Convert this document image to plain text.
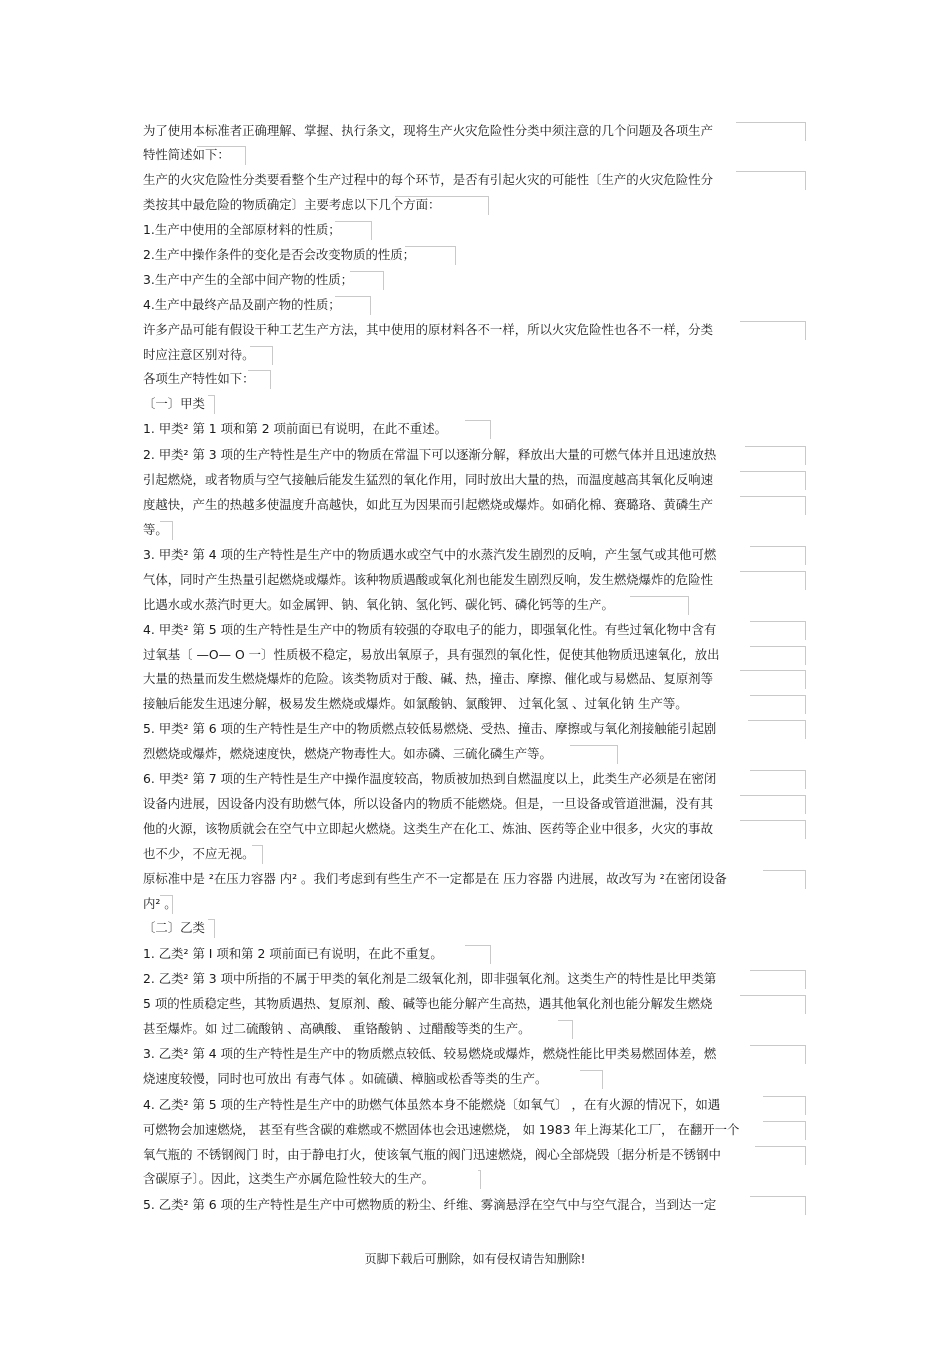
为了使用本标准者正确理解、掌握、执行条文，现将生产火灾危险性分类中须注意的几个问题及各项生产
特性简述如下：
生产的火灾危险性分类要看整个生产过程中的每个环节，是否有引起火灾的可能性〔生产的火灾危险性分
类按其中最危险的物质确定〕主要考虑以下几个方面：
1.生产中使用的全部原材料的性质；
2.生产中操作条件的变化是否会改变物质的性质；
3.生产中产生的全部中间产物的性质；
4.生产中最终产品及副产物的性质；
许多产品可能有假设干种工艺生产方法，其中使用的原材料各不一样，所以火灾危险性也各不一样，分类
时应注意区别对待。
各项生产特性如下：
〔一〕甲类
1. 甲类² 第 1 项和第 2 项前面已有说明，在此不重述。
2. 甲类² 第 3 项的生产特性是生产中的物质在常温下可以逐渐分解，释放出大量的可燃气体并且迅速放热
引起燃烧，或者物质与空气接触后能发生猛烈的氧化作用，同时放出大量的热，而温度越高其氧化反响速
度越快，产生的热越多使温度升高越快，如此互为因果而引起燃烧或爆炸。如硝化棉、赛璐珞、黄磷生产
等。
3. 甲类² 第 4 项的生产特性是生产中的物质遇水或空气中的水蒸汽发生剧烈的反响，产生氢气或其他可燃
气体，同时产生热量引起燃烧或爆炸。该种物质遇酸或氧化剂也能发生剧烈反响，发生燃烧爆炸的危险性
比遇水或水蒸汽时更大。如金属钾、钠、氧化钠、氢化钙、碳化钙、磷化钙等的生产。
4. 甲类² 第 5 项的生产特性是生产中的物质有较强的夺取电子的能力，即强氧化性。有些过氧化物中含有
过氧基〔 —O— O 一〕性质极不稳定，易放出氧原子，具有强烈的氧化性，促使其他物质迅速氧化，放出
大量的热量而发生燃烧爆炸的危险。该类物质对于酸、碱、热，撞击、摩擦、催化或与易燃品、复原剂等
接触后能发生迅速分解，极易发生燃烧或爆炸。如氯酸钠、氯酸钾、 过氧化氢 、过氧化钠 生产等。
5. 甲类² 第 6 项的生产特性是生产中的物质燃点较低易燃烧、受热、撞击、摩擦或与氧化剂接触能引起剧
烈燃烧或爆炸，燃烧速度快，燃烧产物毒性大。如赤磷、三硫化磷生产等。
6. 甲类² 第 7 项的生产特性是生产中操作温度较高，物质被加热到自燃温度以上，此类生产必须是在密闭
设备内进展，因设备内没有助燃气体，所以设备内的物质不能燃烧。但是，一旦设备或管道泄漏，没有其
他的火源，该物质就会在空气中立即起火燃烧。这类生产在化工、炼油、医药等企业中很多，火灾的事故
也不少，不应无视。
原标准中是 ²在压力容器 内² 。我们考虑到有些生产不一定都是在 压力容器 内进展，故改写为 ²在密闭设备
内² 。
〔二〕乙类
1. 乙类² 第 Ⅰ 项和第 2 项前面已有说明，在此不重复。
2. 乙类² 第 3 项中所指的不属于甲类的氧化剂是二级氧化剂，即非强氧化剂。这类生产的特性是比甲类第
5 项的性质稳定些，其物质遇热、复原剂、酸、碱等也能分解产生高热，遇其他氧化剂也能分解发生燃烧
甚至爆炸。如 过二硫酸钠 、高碘酸、 重铬酸钠 、过醋酸等类的生产。
3. 乙类² 第 4 项的生产特性是生产中的物质燃点较低、较易燃烧或爆炸，燃烧性能比甲类易燃固体差，燃
烧速度较慢，同时也可放出 有毒气体 。如硫磺、樟脑或松香等类的生产。
4. 乙类² 第 5 项的生产特性是生产中的助燃气体虽然本身不能燃烧〔如氧气〕 ，在有火源的情况下，如遇
可燃物会加速燃烧， 甚至有些含碳的难燃或不燃固体也会迅速燃烧， 如 1983 年上海某化工厂， 在翻开一个
氧气瓶的 不锈钢阀门 时，由于静电打火，使该氧气瓶的阀门迅速燃烧，阀心全部烧毁〔据分析是不锈钢中
含碳原子〕。因此，这类生产亦属危险性较大的生产。
5. 乙类² 第 6 项的生产特性是生产中可燃物质的粉尘、纤维、雾滴悬浮在空气中与空气混合，当到达一定
页脚下载后可删除，如有侵权请告知删除!
